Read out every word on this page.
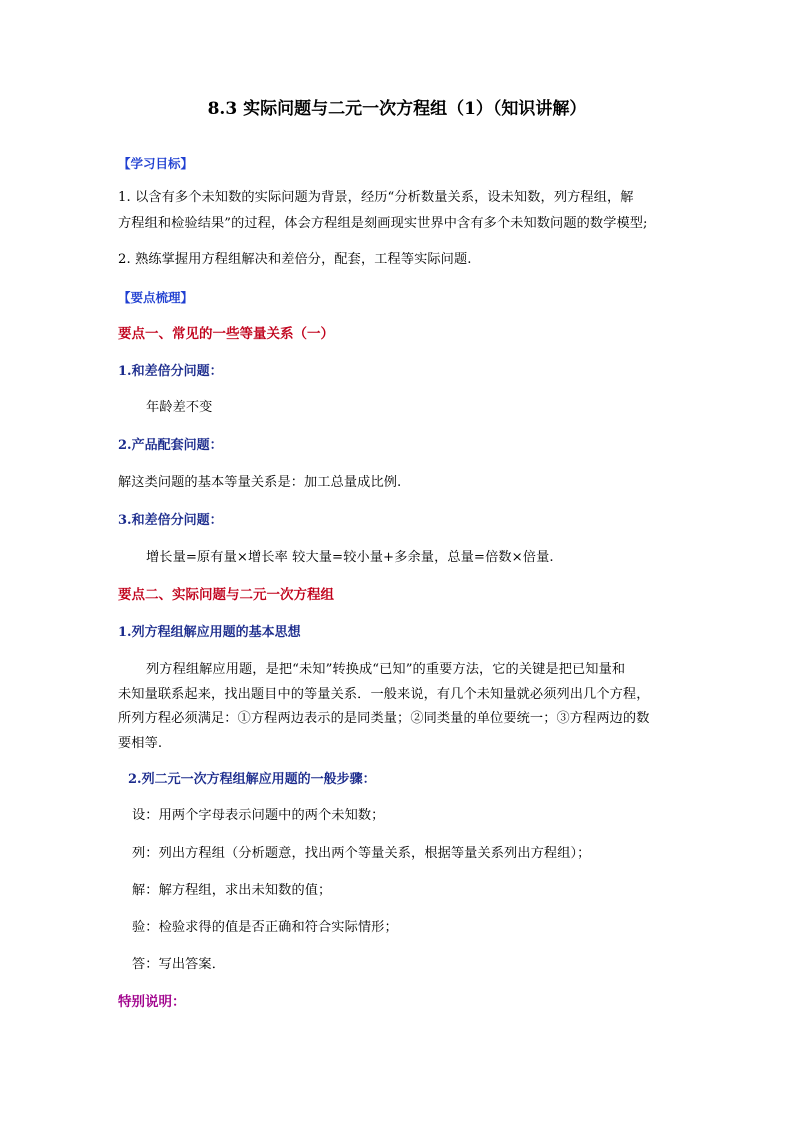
8.3 实际问题与二元一次方程组（1）（知识讲解）
【学习目标】
1. 以含有多个未知数的实际问题为背景，经历“分析数量关系，设未知数，列方程组，解
方程组和检验结果”的过程，体会方程组是刻画现实世界中含有多个未知数问题的数学模型;
2. 熟练掌握用方程组解决和差倍分，配套，工程等实际问题.
【要点梳理】
要点一、常见的一些等量关系（一）
1.和差倍分问题：
年龄差不变
2.产品配套问题：
解这类问题的基本等量关系是：加工总量成比例.
3.和差倍分问题：
增长量=原有量×增长率 较大量=较小量+多余量，总量=倍数×倍量.
要点二、实际问题与二元一次方程组
1.列方程组解应用题的基本思想
列方程组解应用题，是把“未知”转换成“已知”的重要方法，它的关键是把已知量和
未知量联系起来，找出题目中的等量关系．一般来说，有几个未知量就必须列出几个方程，
所列方程必须满足：①方程两边表示的是同类量；②同类量的单位要统一；③方程两边的数
要相等.
2.列二元一次方程组解应用题的一般步骤：
设：用两个字母表示问题中的两个未知数；
列：列出方程组（分析题意，找出两个等量关系，根据等量关系列出方程组）；
解：解方程组，求出未知数的值；
验：检验求得的值是否正确和符合实际情形；
答：写出答案．
特别说明：
